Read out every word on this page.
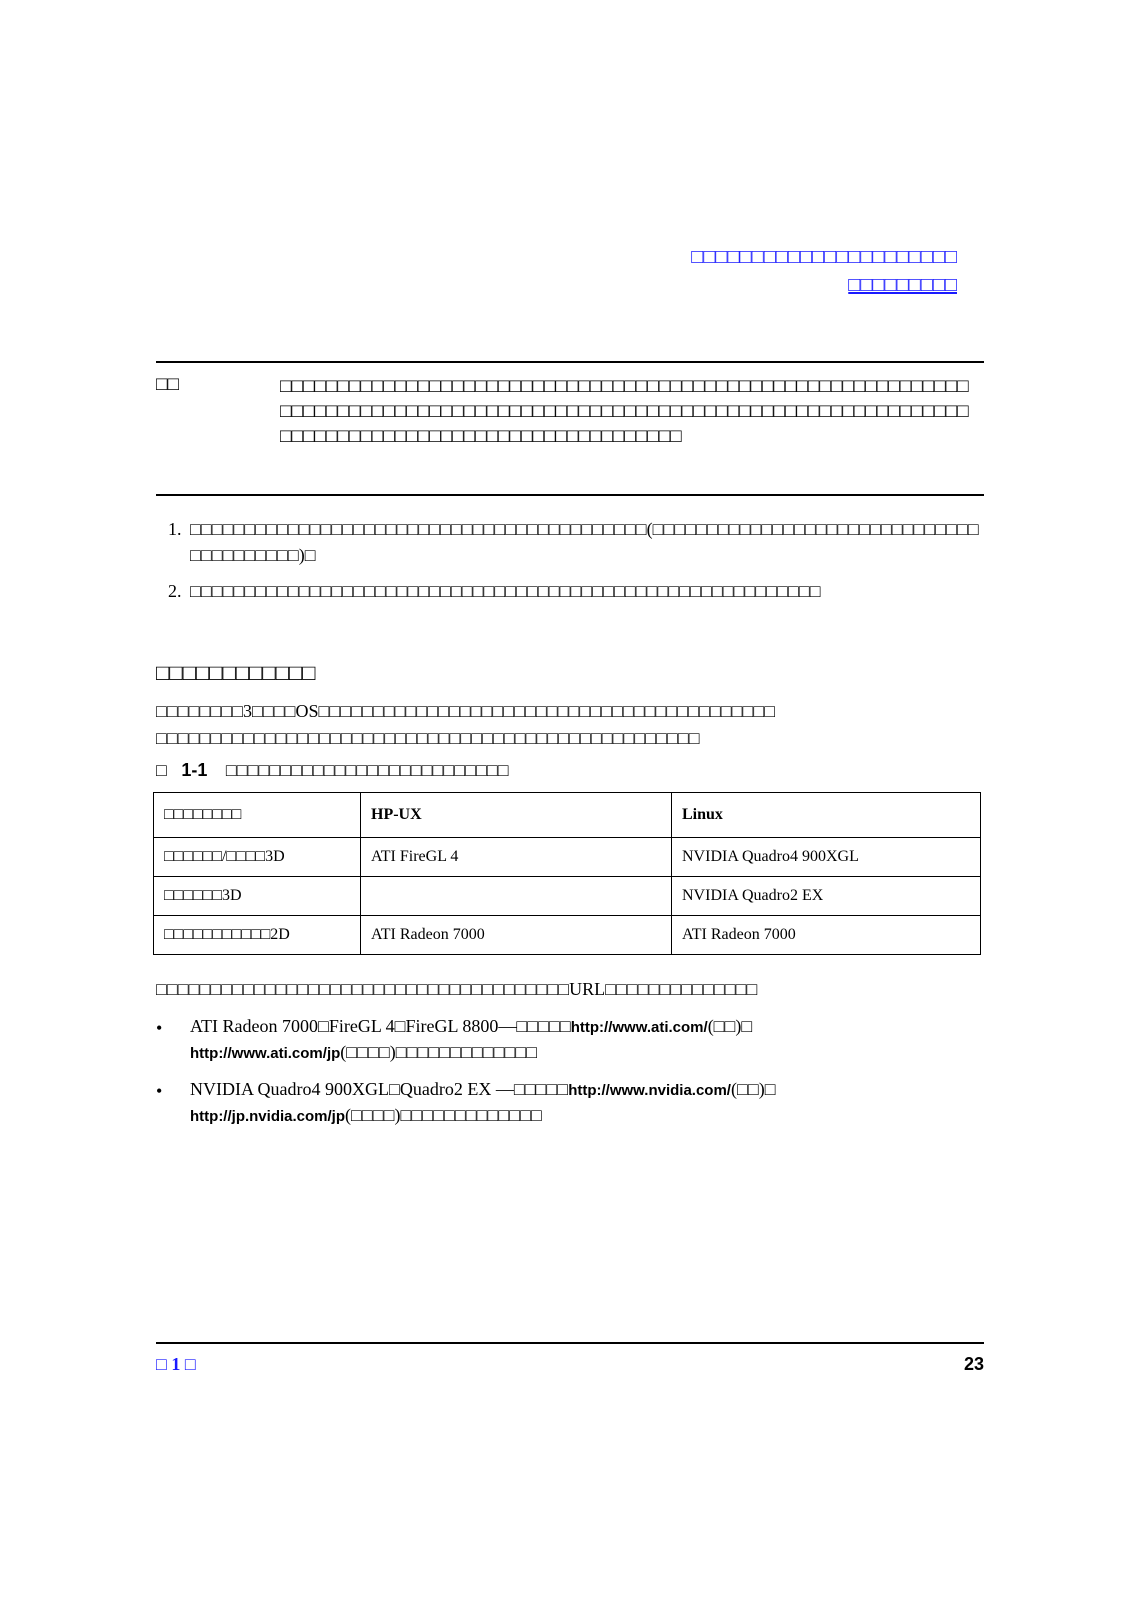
□□□□□□□□□□□□□□□□□□□□□□
□□□□□□□□□
□□	□□□□□□□□□□□□□□□□□□□□□□□□□□□□□□□□□□□□□□□□□□□□□□□□□□□□□□□□□□□□□□□□□□□□□□□□□□□□□□□□□□□□□□□□□□□□□□□□□□□□□□□□□□□□□□□□□□□□□□□□□□□□□□□□□□□□□□□□□□□□□□□□□□□□□□□□□□□
1. □□□□□□□□□□□□□□□□□□□□□□□□□□□□□□□□□□□□□□□□□□(□□□□□□□□□□□□□□□□□□□□□□□□□□□□□□□□□□□□□□□□)□
2. □□□□□□□□□□□□□□□□□□□□□□□□□□□□□□□□□□□□□□□□□□□□□□□□□□□□□□□□□□
□□□□□□□□□□□□
□□□□□□□□3□□□□OS□□□□□□□□□□□□□□□□□□□□□□□□□□□□□□□□□□□□□□□□□□
□□□□□□□□□□□□□□□□□□□□□□□□□□□□□□□□□□□□□□□□□□□□□□□□□□
□ 1-1 □□□□□□□□□□□□□□□□□□□□□□□□□□
□□□□□□□□	HP-UX	Linux
□□□□□□/□□□□3D	ATI FireGL 4	NVIDIA Quadro4 900XGL
□□□□□□3D		NVIDIA Quadro2 EX
□□□□□□□□□□□2D	ATI Radeon 7000	ATI Radeon 7000
□□□□□□□□□□□□□□□□□□□□□□□□□□□□□□□□□□□□□□URL□□□□□□□□□□□□□□
• ATI Radeon 7000□FireGL 4□FireGL 8800―□□□□□http://www.ati.com/(□□)□
http://www.ati.com/jp(□□□□)□□□□□□□□□□□□□
• NVIDIA Quadro4 900XGL□Quadro2 EX ―□□□□□http://www.nvidia.com/(□□)□
http://jp.nvidia.com/jp(□□□□)□□□□□□□□□□□□□
□ 1 □	23
